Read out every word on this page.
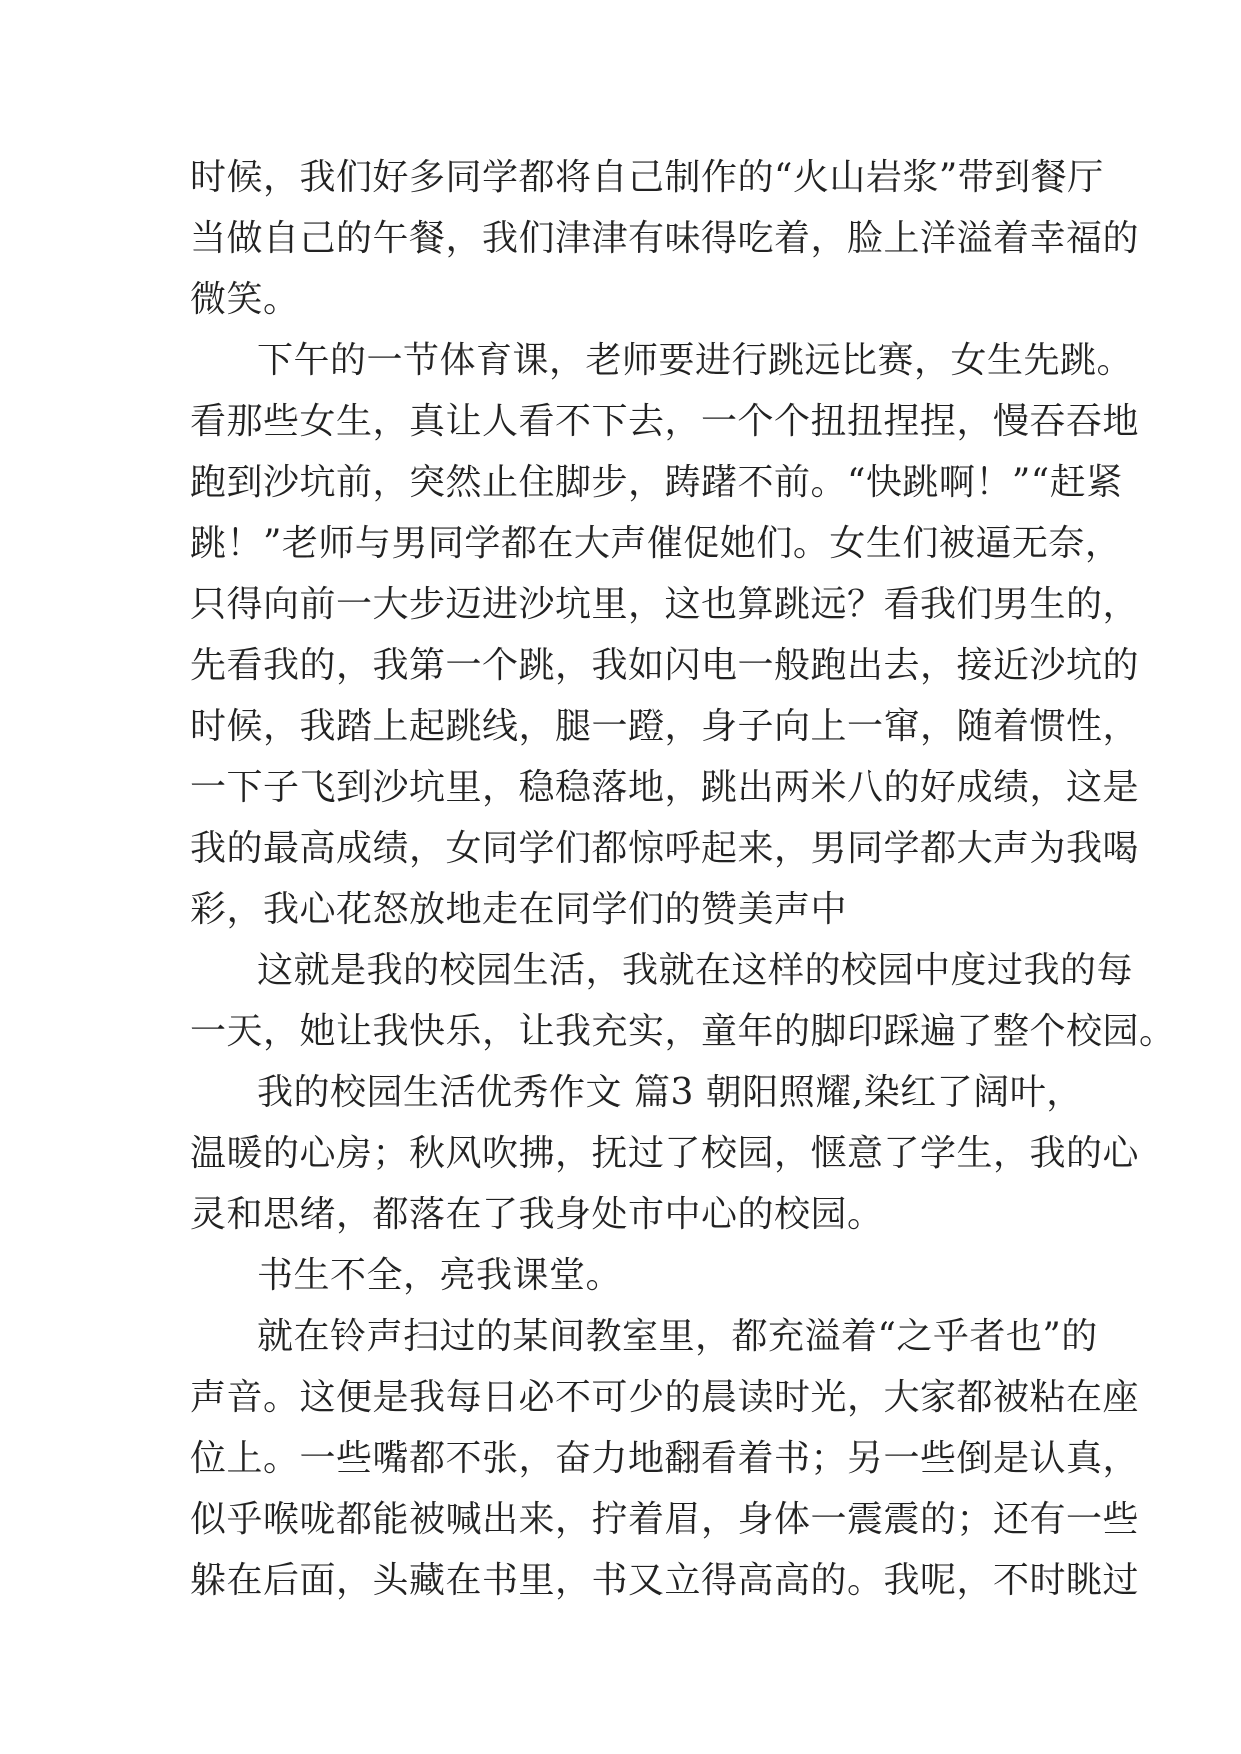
时候，我们好多同学都将自己制作的“火山岩浆”带到餐厅
当做自己的午餐，我们津津有味得吃着，脸上洋溢着幸福的
微笑。
下午的一节体育课，老师要进行跳远比赛，女生先跳。
看那些女生，真让人看不下去，一个个扭扭捏捏，慢吞吞地
跑到沙坑前，突然止住脚步，踌躇不前。“快跳啊！”“赶紧
跳！”老师与男同学都在大声催促她们。女生们被逼无奈，
只得向前一大步迈进沙坑里，这也算跳远？看我们男生的，
先看我的，我第一个跳，我如闪电一般跑出去，接近沙坑的
时候，我踏上起跳线，腿一蹬，身子向上一窜，随着惯性，
一下子飞到沙坑里，稳稳落地，跳出两米八的好成绩，这是
我的最高成绩，女同学们都惊呼起来，男同学都大声为我喝
彩，我心花怒放地走在同学们的赞美声中
这就是我的校园生活，我就在这样的校园中度过我的每
一天，她让我快乐，让我充实，童年的脚印踩遍了整个校园。
我的校园生活优秀作文 篇3 朝阳照耀,染红了阔叶，
温暖的心房；秋风吹拂，抚过了校园，惬意了学生，我的心
灵和思绪，都落在了我身处市中心的校园。
书生不全，亮我课堂。
就在铃声扫过的某间教室里，都充溢着“之乎者也”的
声音。这便是我每日必不可少的晨读时光，大家都被粘在座
位上。一些嘴都不张，奋力地翻看着书；另一些倒是认真，
似乎喉咙都能被喊出来，拧着眉，身体一震震的；还有一些
躲在后面，头藏在书里，书又立得高高的。我呢，不时眺过
